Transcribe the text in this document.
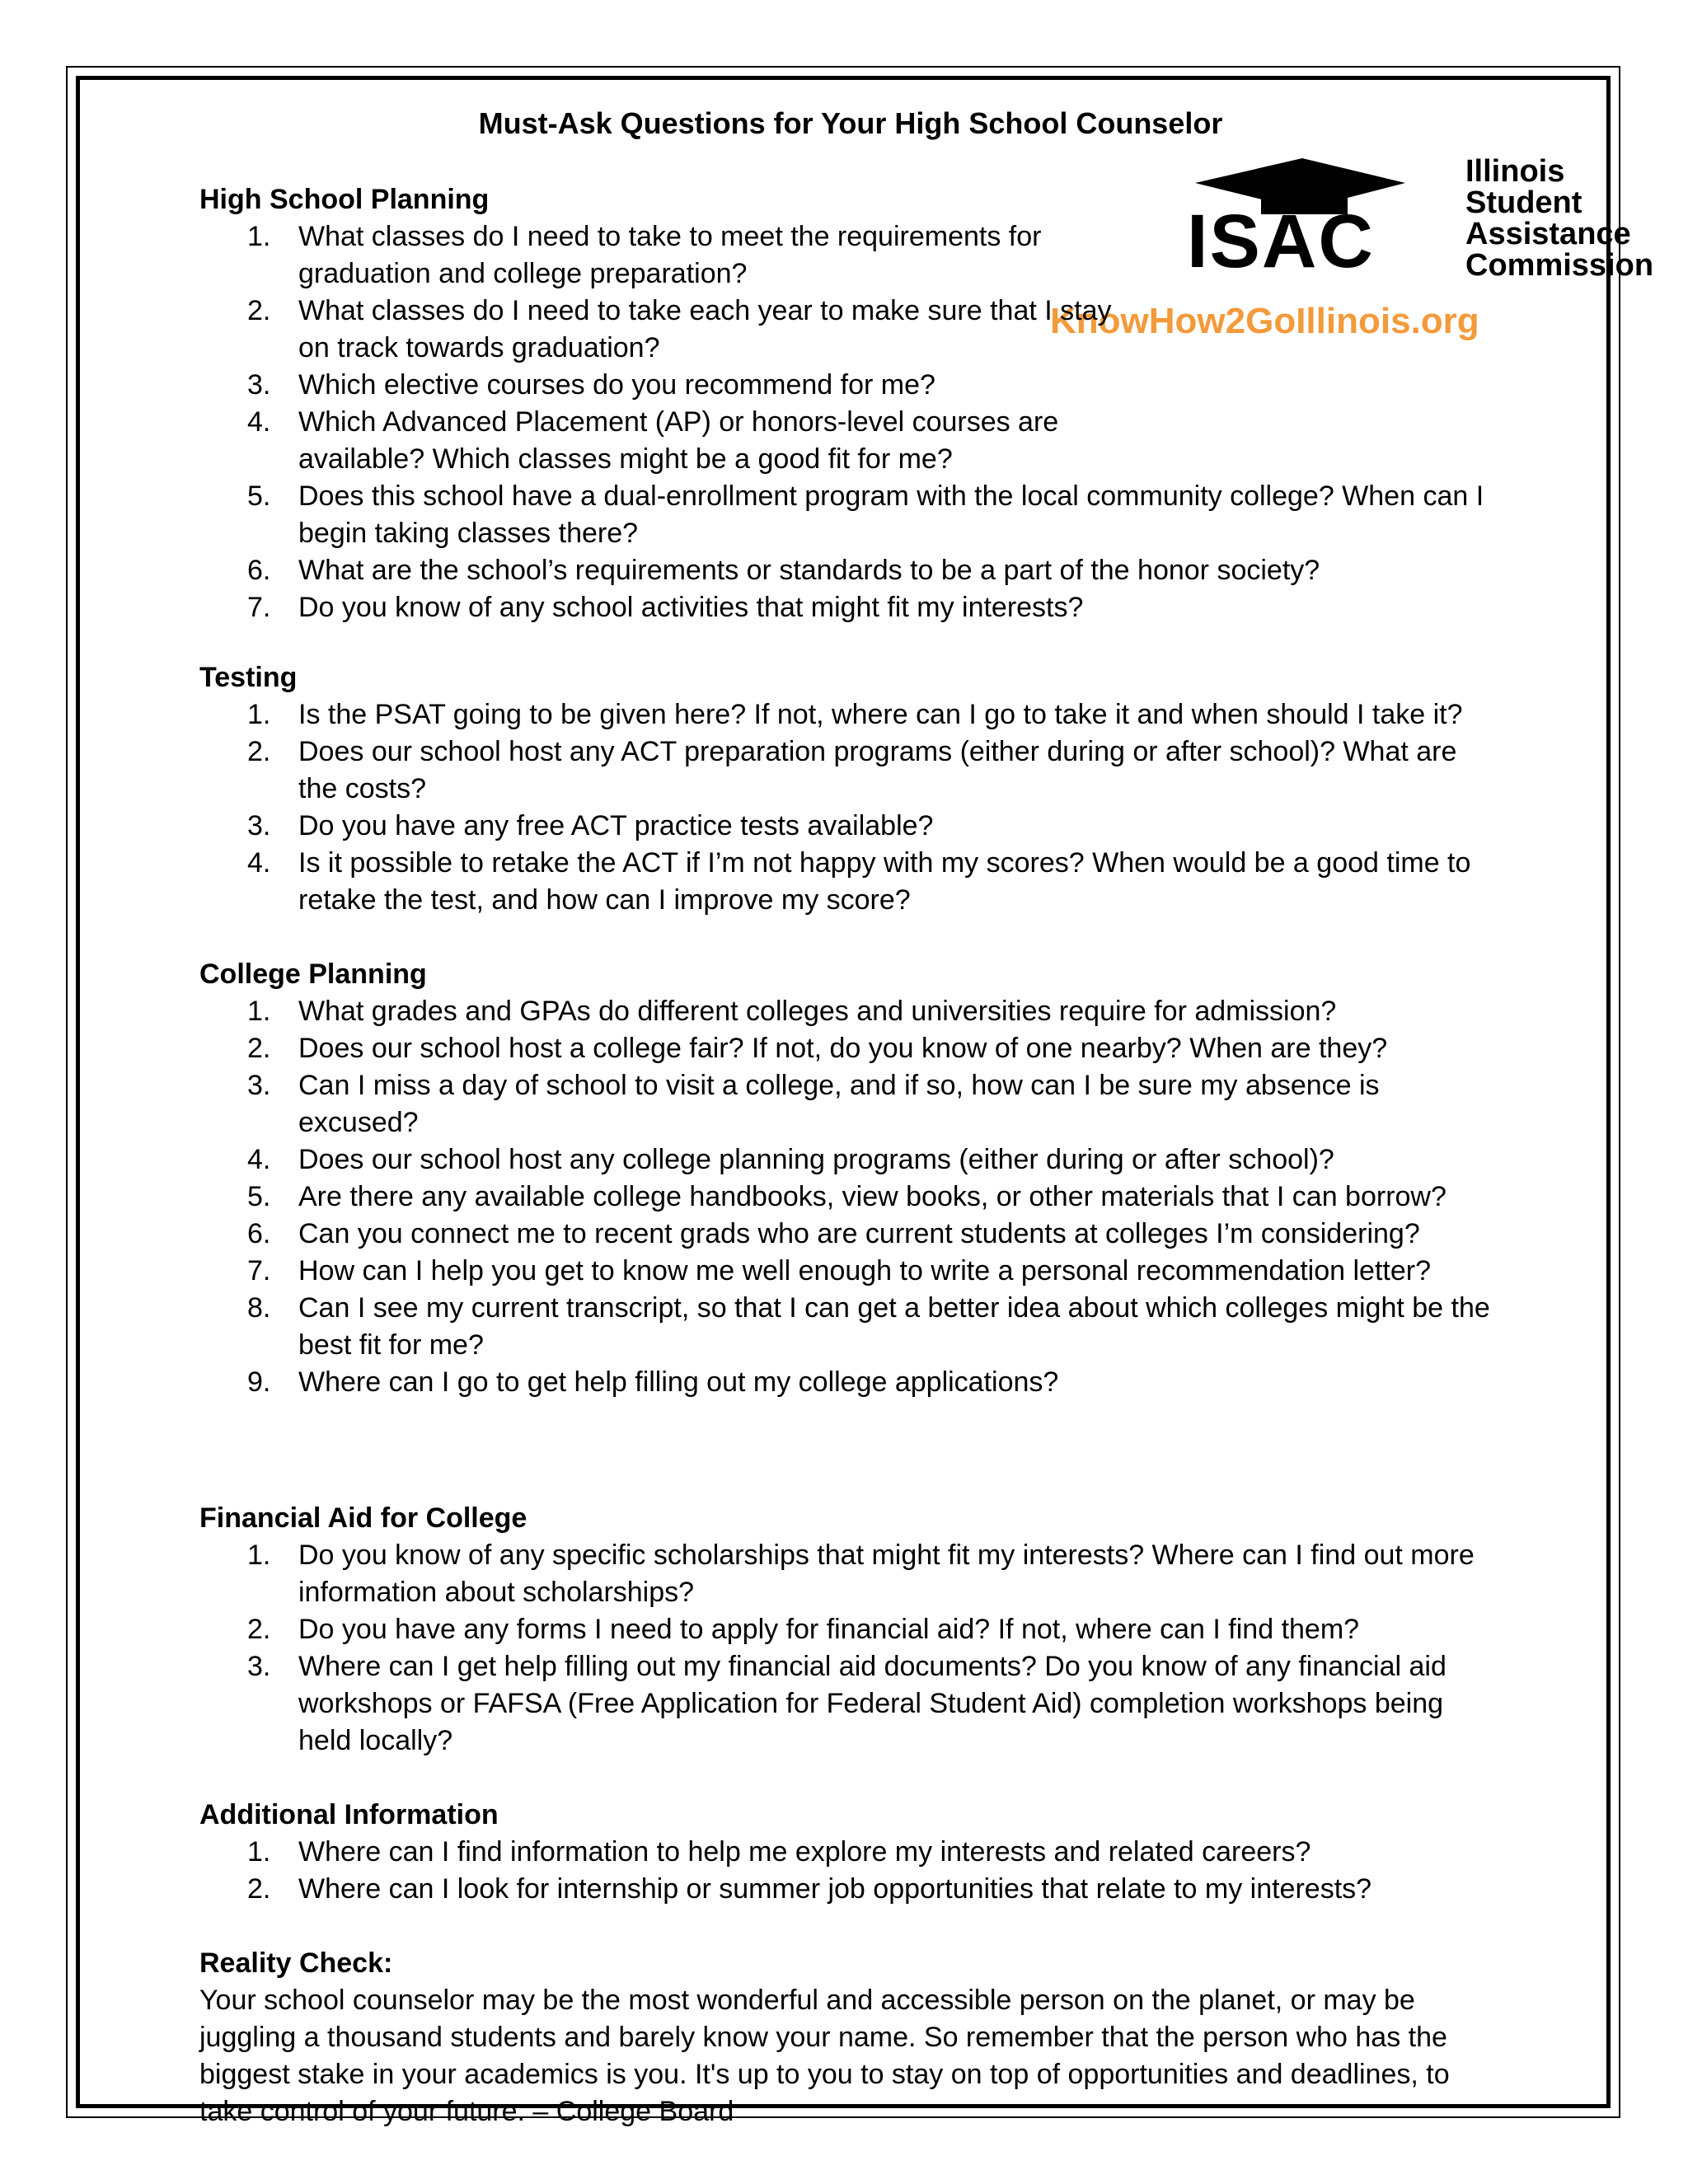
Must-Ask Questions for Your High School Counselor
ISAC
Illinois
Student
Assistance
Commission
KnowHow2GoIllinois.org
High School Planning
1. What classes do I need to take to meet the requirements for graduation and college preparation?
2. What classes do I need to take each year to make sure that I stay on track towards graduation?
3. Which elective courses do you recommend for me?
4. Which Advanced Placement (AP) or honors-level courses are available? Which classes might be a good fit for me?
5. Does this school have a dual-enrollment program with the local community college? When can I begin taking classes there?
6. What are the school’s requirements or standards to be a part of the honor society?
7. Do you know of any school activities that might fit my interests?
Testing
1. Is the PSAT going to be given here? If not, where can I go to take it and when should I take it?
2. Does our school host any ACT preparation programs (either during or after school)? What are the costs?
3. Do you have any free ACT practice tests available?
4. Is it possible to retake the ACT if I’m not happy with my scores? When would be a good time to retake the test, and how can I improve my score?
College Planning
1. What grades and GPAs do different colleges and universities require for admission?
2. Does our school host a college fair? If not, do you know of one nearby? When are they?
3. Can I miss a day of school to visit a college, and if so, how can I be sure my absence is excused?
4. Does our school host any college planning programs (either during or after school)?
5. Are there any available college handbooks, view books, or other materials that I can borrow?
6. Can you connect me to recent grads who are current students at colleges I’m considering?
7. How can I help you get to know me well enough to write a personal recommendation letter?
8. Can I see my current transcript, so that I can get a better idea about which colleges might be the best fit for me?
9. Where can I go to get help filling out my college applications?
Financial Aid for College
1. Do you know of any specific scholarships that might fit my interests? Where can I find out more information about scholarships?
2. Do you have any forms I need to apply for financial aid? If not, where can I find them?
3. Where can I get help filling out my financial aid documents? Do you know of any financial aid workshops or FAFSA (Free Application for Federal Student Aid) completion workshops being held locally?
Additional Information
1. Where can I find information to help me explore my interests and related careers?
2. Where can I look for internship or summer job opportunities that relate to my interests?
Reality Check:

Your school counselor may be the most wonderful and accessible person on the planet, or may be juggling a thousand students and barely know your name. So remember that the person who has the biggest stake in your academics is you. It's up to you to stay on top of opportunities and deadlines, to take control of your future. – College Board
